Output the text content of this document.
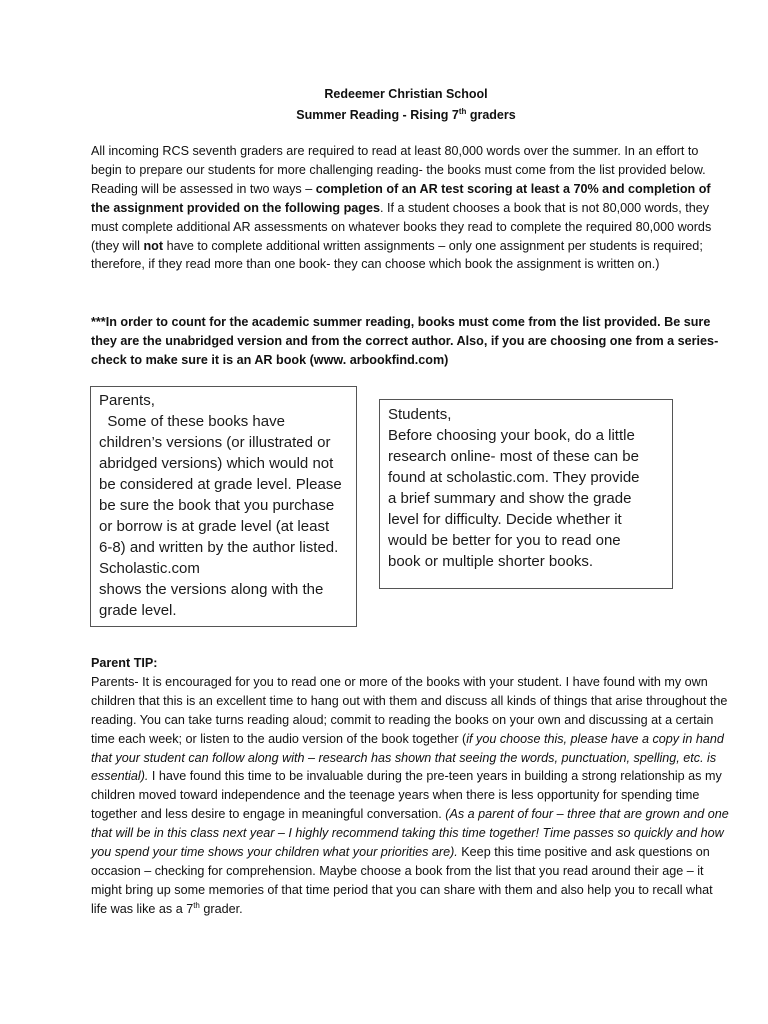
Redeemer Christian School
Summer Reading - Rising 7th graders

All incoming RCS seventh graders are required to read at least 80,000 words over the summer. In an effort to begin to prepare our students for more challenging reading- the books must come from the list provided below. Reading will be assessed in two ways – completion of an AR test scoring at least a 70% and completion of the assignment provided on the following pages. If a student chooses a book that is not 80,000 words, they must complete additional AR assessments on whatever books they read to complete the required 80,000 words (they will not have to complete additional written assignments – only one assignment per students is required; therefore, if they read more than one book- they can choose which book the assignment is written on.)

***In order to count for the academic summer reading, books must come from the list provided. Be sure they are the unabridged version and from the correct author. Also, if you are choosing one from a series- check to make sure it is an AR book (www. arbookfind.com)

Parents,
Some of these books have
children’s versions (or illustrated or
abridged versions) which would not
be considered at grade level. Please
be sure the book that you purchase
or borrow is at grade level (at least
6-8) and written by the author listed.
Scholastic.com
shows the versions along with the
grade level.
Students,
Before choosing your book, do a little
research online- most of these can be
found at scholastic.com. They provide
a brief summary and show the grade
level for difficulty. Decide whether it
would be better for you to read one
book or multiple shorter books.

Parent TIP:
Parents- It is encouraged for you to read one or more of the books with your student. I have found with my own children that this is an excellent time to hang out with them and discuss all kinds of things that arise throughout the reading. You can take turns reading aloud; commit to reading the books on your own and discussing at a certain time each week; or listen to the audio version of the book together (if you choose this, please have a copy in hand that your student can follow along with – research has shown that seeing the words, punctuation, spelling, etc. is essential). I have found this time to be invaluable during the pre-teen years in building a strong relationship as my children moved toward independence and the teenage years when there is less opportunity for spending time together and less desire to engage in meaningful conversation. (As a parent of four – three that are grown and one that will be in this class next year – I highly recommend taking this time together! Time passes so quickly and how you spend your time shows your children what your priorities are). Keep this time positive and ask questions on occasion – checking for comprehension. Maybe choose a book from the list that you read around their age – it might bring up some memories of that time period that you can share with them and also help you to recall what life was like as a 7th grader.
